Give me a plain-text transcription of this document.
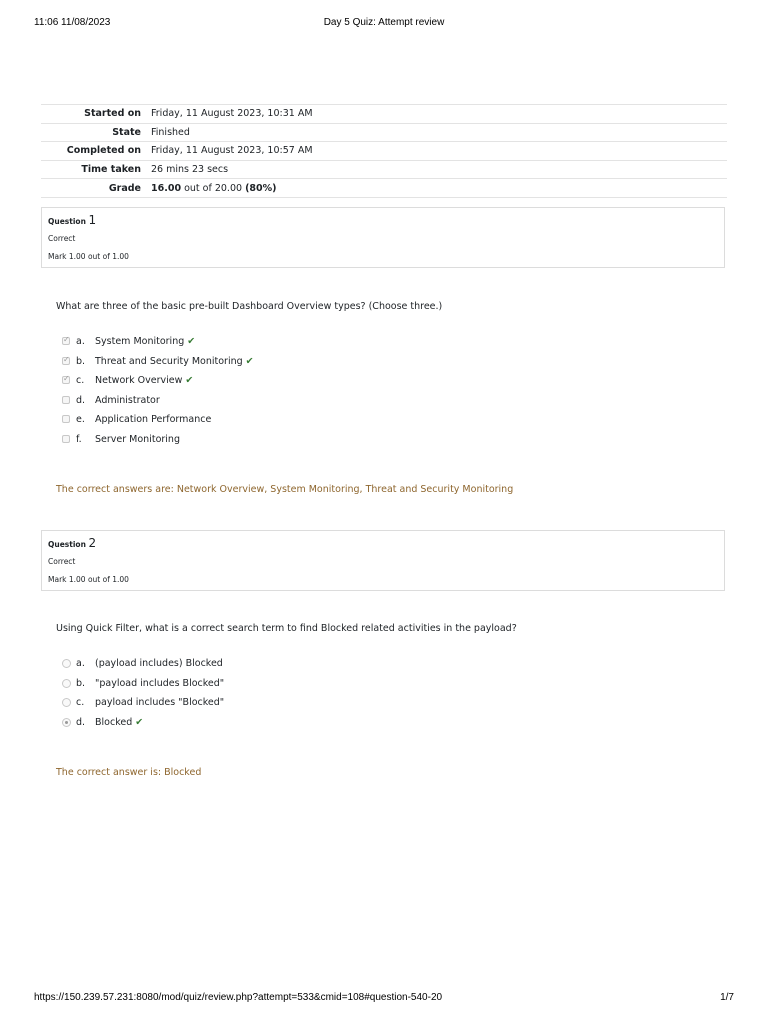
11:06 11/08/2023	Day 5 Quiz: Attempt review
Started on	Friday, 11 August 2023, 10:31 AM
State	Finished
Completed on	Friday, 11 August 2023, 10:57 AM
Time taken	26 mins 23 secs
Grade	16.00 out of 20.00 (80%)
Question 1
Correct
Mark 1.00 out of 1.00
What are three of the basic pre-built Dashboard Overview types? (Choose three.)
✓
a. System Monitoring ✔
✓
b. Threat and Security Monitoring ✔
✓
c. Network Overview ✔
d. Administrator
e. Application Performance
f. Server Monitoring
The correct answers are: Network Overview, System Monitoring, Threat and Security Monitoring
Question 2
Correct
Mark 1.00 out of 1.00
Using Quick Filter, what is a correct search term to find Blocked related activities in the payload?
a. (payload includes) Blocked
b. "payload includes Blocked"
c. payload includes "Blocked"
d. Blocked ✔
The correct answer is: Blocked
https://150.239.57.231:8080/mod/quiz/review.php?attempt=533&cmid=108#question-540-20	1/7
